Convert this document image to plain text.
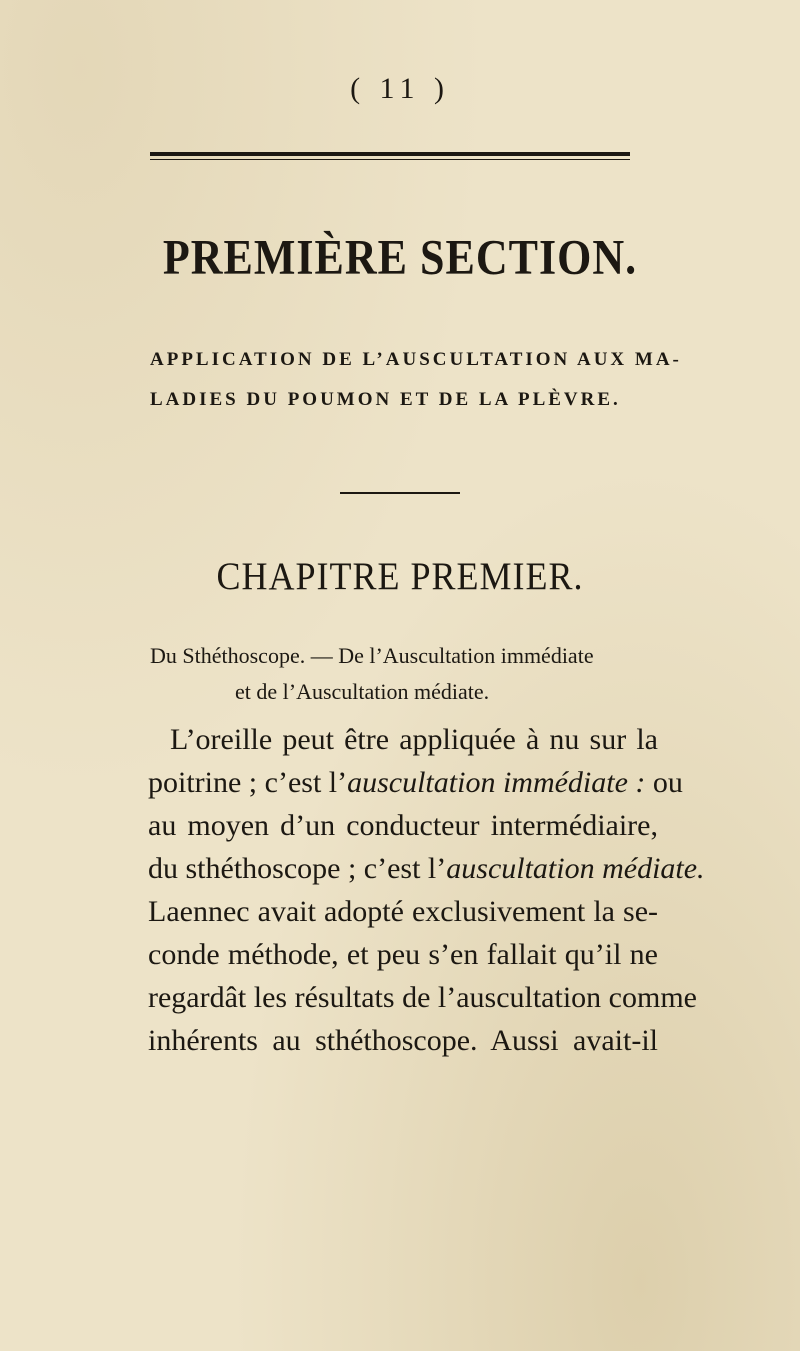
( 11 )
PREMIÈRE SECTION.
APPLICATION DE L’AUSCULTATION AUX MA-
LADIES DU POUMON ET DE LA PLÈVRE.
CHAPITRE PREMIER.
Du Sthéthoscope. — De l’Auscultation immédiate
et de l’Auscultation médiate.
L’oreille peut être appliquée à nu sur la
poitrine ; c’est l’auscultation immédiate : ou
au moyen d’un conducteur intermédiaire,
du sthéthoscope ; c’est l’auscultation médiate.
Laennec avait adopté exclusivement la se-
conde méthode, et peu s’en fallait qu’il ne
regardât les résultats de l’auscultation comme
inhérents au sthéthoscope. Aussi avait-il
